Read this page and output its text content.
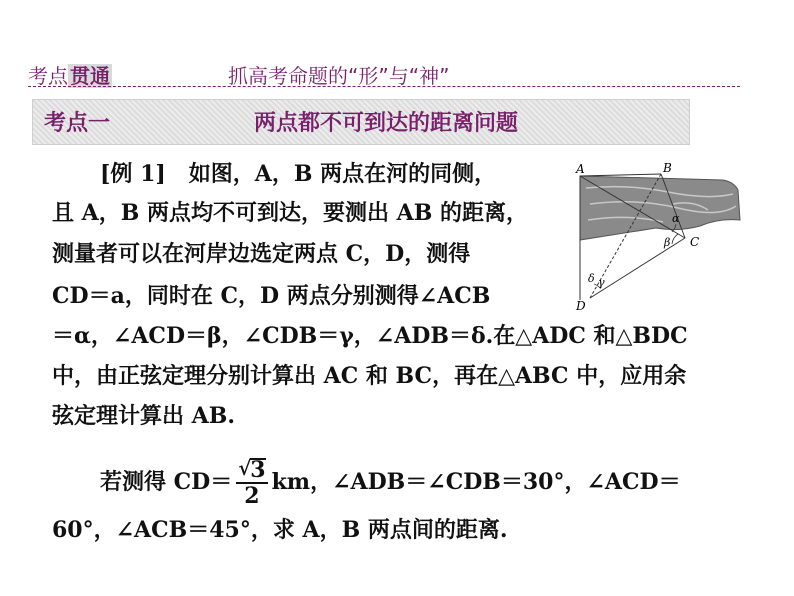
考点 贯通	抓高考命题的“形”与“神”
考点一	两点都不可到达的距离问题
[例 1] 如图，A，B 两点在河的同侧，
且 A，B 两点均不可到达，要测出 AB 的距离，
测量者可以在河岸边选定两点 C，D，测得
CD＝a，同时在 C，D 两点分别测得∠ACB
＝α，∠ACD＝β，∠CDB＝γ，∠ADB＝δ.在△ADC 和△BDC
中，由正弦定理分别计算出 AC 和 BC，再在△ABC 中，应用余
弦定理计算出 AB.
若测得 CD＝ √
3
2 km，∠ADB＝∠CDB＝30°，∠ACD＝
60°，∠ACB＝45°，求 A，B 两点间的距离.
A	B
C
D
α
β
γ
δ
